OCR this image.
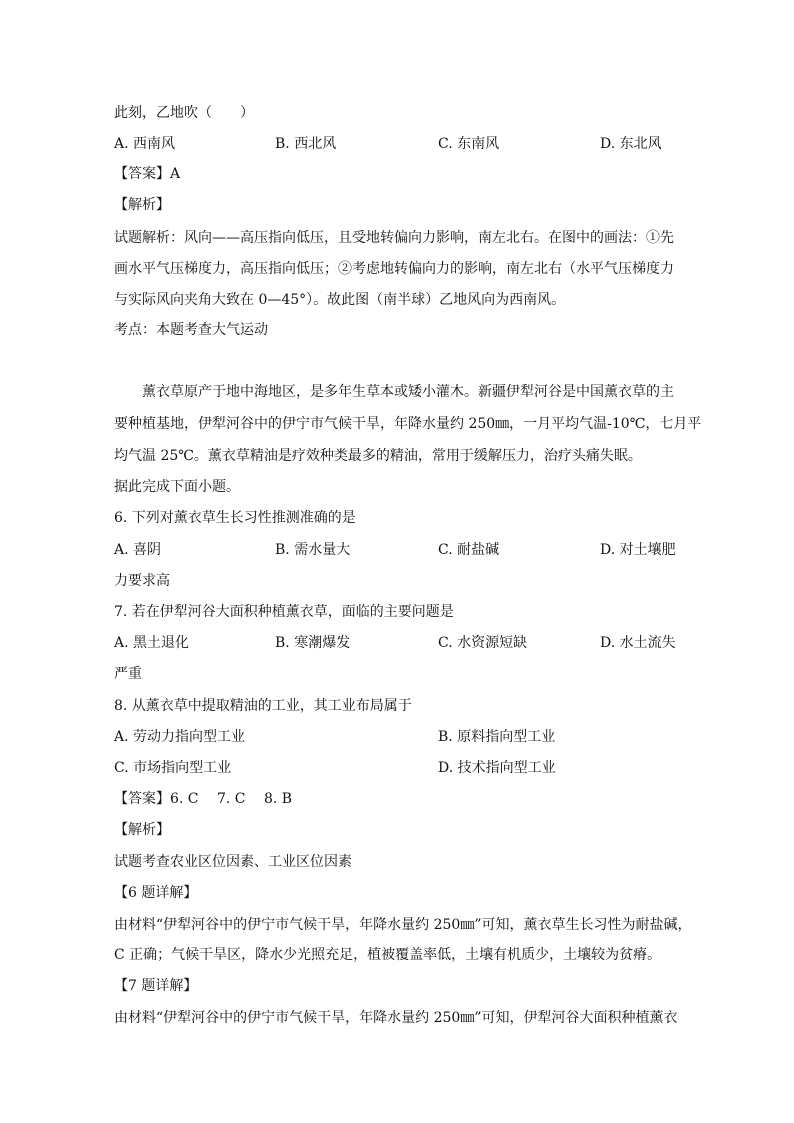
此刻，乙地吹（　　）
A. 西南风	B. 西北风	C. 东南风	D. 东北风
【答案】A
【解析】
试题解析：风向——高压指向低压，且受地转偏向力影响，南左北右。在图中的画法：①先
画水平气压梯度力，高压指向低压；②考虑地转偏向力的影响，南左北右（水平气压梯度力
与实际风向夹角大致在 0—45°）。故此图（南半球）乙地风向为西南风。
考点：本题考查大气运动
薰衣草原产于地中海地区，是多年生草本或矮小灌木。新疆伊犁河谷是中国薰衣草的主
要种植基地，伊犁河谷中的伊宁市气候干旱，年降水量约 250㎜，一月平均气温-10℃，七月平
均气温 25℃。薰衣草精油是疗效种类最多的精油，常用于缓解压力，治疗头痛失眠。
据此完成下面小题。
6. 下列对薰衣草生长习性推测准确的是
A. 喜阴	B. 需水量大	C. 耐盐碱	D. 对土壤肥
力要求高
7. 若在伊犁河谷大面积种植薰衣草，面临的主要问题是
A. 黑土退化	B. 寒潮爆发	C. 水资源短缺	D. 水土流失
严重
8. 从薰衣草中提取精油的工业，其工业布局属于
A. 劳动力指向型工业	B. 原料指向型工业
C. 市场指向型工业	D. 技术指向型工业
【答案】6. C　 7. C　 8. B
【解析】
试题考查农业区位因素、工业区位因素
【6 题详解】
由材料“伊犁河谷中的伊宁市气候干旱，年降水量约 250㎜”可知，薰衣草生长习性为耐盐碱，
C 正确；气候干旱区，降水少光照充足，植被覆盖率低，土壤有机质少，土壤较为贫瘠。
【7 题详解】
由材料“伊犁河谷中的伊宁市气候干旱，年降水量约 250㎜”可知，伊犁河谷大面积种植薰衣
